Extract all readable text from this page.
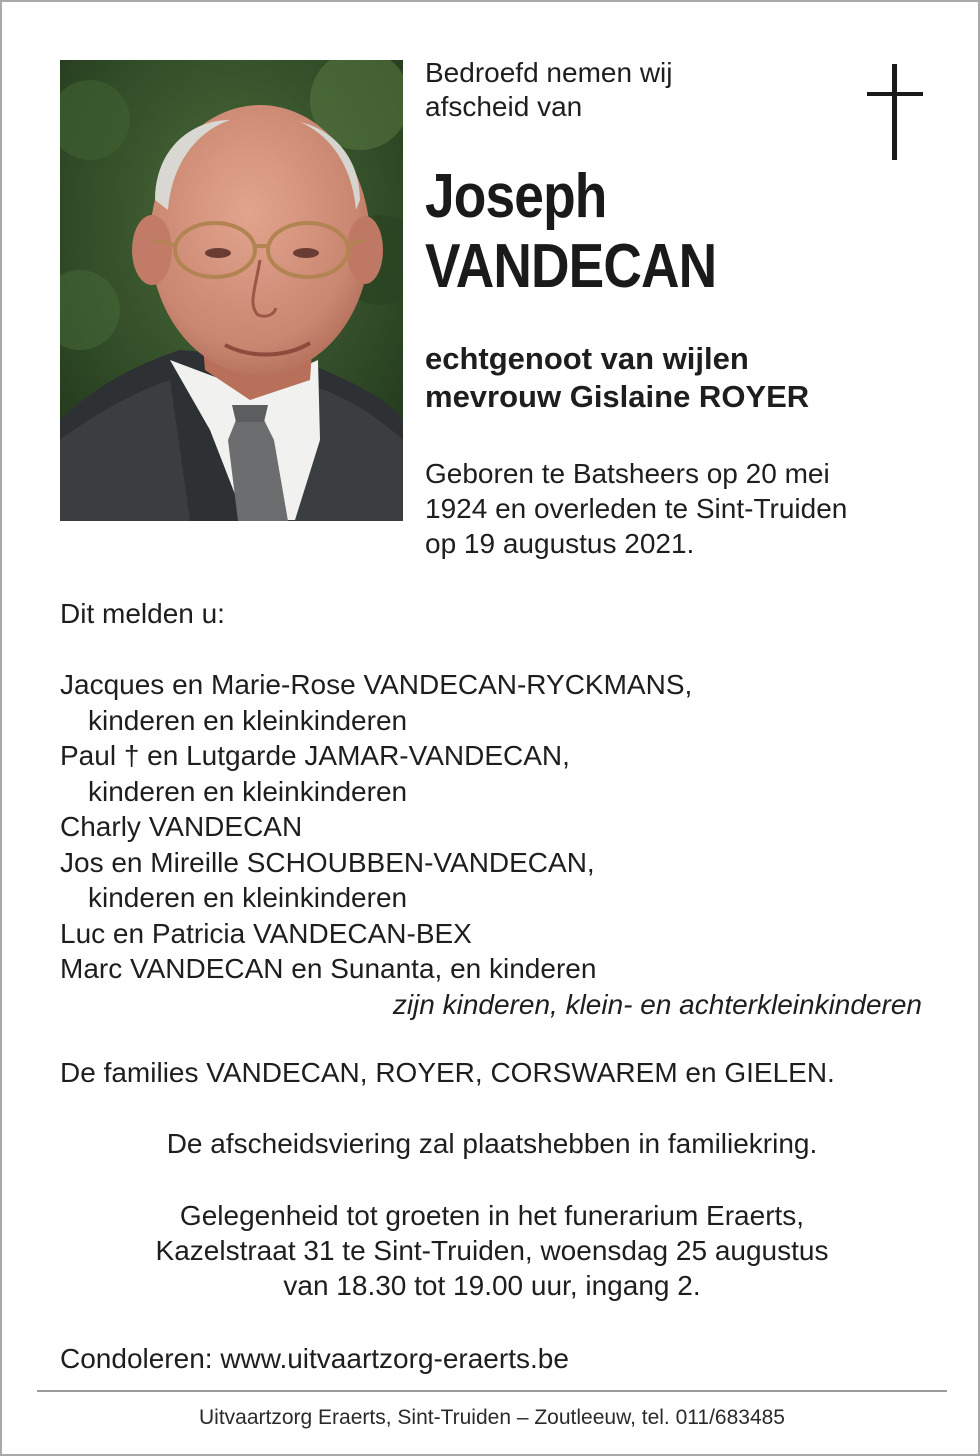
Bedroefd nemen wij
afscheid van
Joseph
VANDECAN
echtgenoot van wijlen
mevrouw Gislaine ROYER
Geboren te Batsheers op 20 mei
1924 en overleden te Sint-Truiden
op 19 augustus 2021.
Dit melden u:
Jacques en Marie-Rose VANDECAN-RYCKMANS,
kinderen en kleinkinderen
Paul † en Lutgarde JAMAR-VANDECAN,
kinderen en kleinkinderen
Charly VANDECAN
Jos en Mireille SCHOUBBEN-VANDECAN,
kinderen en kleinkinderen
Luc en Patricia VANDECAN-BEX
Marc VANDECAN en Sunanta, en kinderen
zijn kinderen, klein- en achterkleinkinderen
De families VANDECAN, ROYER, CORSWAREM en GIELEN.
De afscheidsviering zal plaatshebben in familiekring.
Gelegenheid tot groeten in het funerarium Eraerts,
Kazelstraat 31 te Sint-Truiden, woensdag 25 augustus
van 18.30 tot 19.00 uur, ingang 2.
Condoleren: www.uitvaartzorg-eraerts.be
Uitvaartzorg Eraerts, Sint-Truiden – Zoutleeuw, tel. 011/683485
